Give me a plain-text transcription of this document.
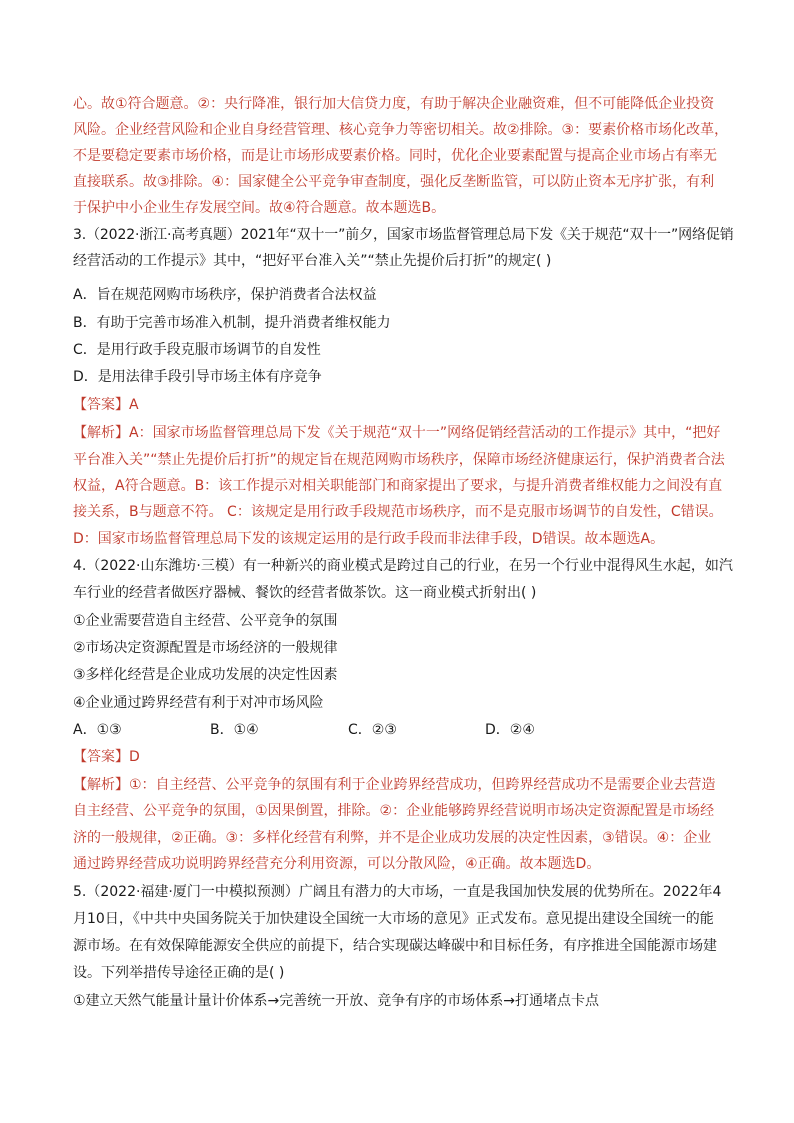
心。故①符合题意。②：央行降准，银行加大信贷力度，有助于解决企业融资难，但不可能降低企业投资
风险。企业经营风险和企业自身经营管理、核心竞争力等密切相关。故②排除。③：要素价格市场化改革，
不是要稳定要素市场价格，而是让市场形成要素价格。同时，优化企业要素配置与提高企业市场占有率无
直接联系。故③排除。④：国家健全公平竞争审查制度，强化反垄断监管，可以防止资本无序扩张，有利
于保护中小企业生存发展空间。故④符合题意。故本题选B。
3.（2022·浙江·高考真题）2021年“双十一”前夕，国家市场监督管理总局下发《关于规范“双十一”网络促销
经营活动的工作提示》其中，“把好平台准入关”“禁止先提价后打折”的规定( )
A．旨在规范网购市场秩序，保护消费者合法权益
B．有助于完善市场准入机制，提升消费者维权能力
C．是用行政手段克服市场调节的自发性
D．是用法律手段引导市场主体有序竞争
【答案】A
【解析】A：国家市场监督管理总局下发《关于规范“双十一”网络促销经营活动的工作提示》其中，“把好
平台准入关”“禁止先提价后打折”的规定旨在规范网购市场秩序，保障市场经济健康运行，保护消费者合法
权益，A符合题意。B：该工作提示对相关职能部门和商家提出了要求，与提升消费者维权能力之间没有直
接关系，B与题意不符。 C：该规定是用行政手段规范市场秩序，而不是克服市场调节的自发性，C错误。
D：国家市场监督管理总局下发的该规定运用的是行政手段而非法律手段，D错误。故本题选A。
4.（2022·山东潍坊·三模）有一种新兴的商业模式是跨过自己的行业，在另一个行业中混得风生水起，如汽
车行业的经营者做医疗器械、餐饮的经营者做茶饮。这一商业模式折射出( )
①企业需要营造自主经营、公平竞争的氛围
②市场决定资源配置是市场经济的一般规律
③多样化经营是企业成功发展的决定性因素
④企业通过跨界经营有利于对冲市场风险
A．①③	B．①④	C．②③	D．②④
【答案】D
【解析】①：自主经营、公平竞争的氛围有利于企业跨界经营成功，但跨界经营成功不是需要企业去营造
自主经营、公平竞争的氛围，①因果倒置，排除。②：企业能够跨界经营说明市场决定资源配置是市场经
济的一般规律，②正确。③：多样化经营有利弊，并不是企业成功发展的决定性因素，③错误。④：企业
通过跨界经营成功说明跨界经营充分利用资源，可以分散风险，④正确。故本题选D。
5.（2022·福建·厦门一中模拟预测）广阔且有潜力的大市场，一直是我国加快发展的优势所在。2022年4
月10日，《中共中央国务院关于加快建设全国统一大市场的意见》正式发布。意见提出建设全国统一的能
源市场。在有效保障能源安全供应的前提下，结合实现碳达峰碳中和目标任务，有序推进全国能源市场建
设。下列举措传导途径正确的是( )
①建立天然气能量计量计价体系→完善统一开放、竞争有序的市场体系→打通堵点卡点
